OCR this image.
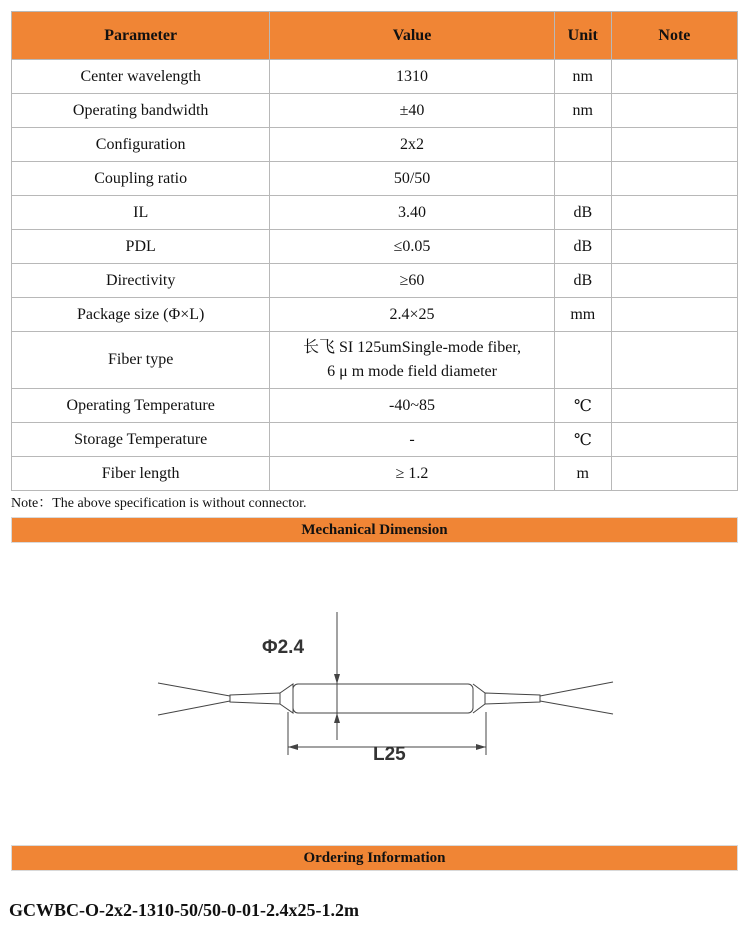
Parameter	Value	Unit	Note
Center wavelength	1310	nm	
Operating bandwidth	±40	nm	
Configuration	2x2		
Coupling ratio	50/50		
IL	3.40	dB	
PDL	≤0.05	dB	
Directivity	≥60	dB	
Package size (Φ×L)	2.4×25	mm	
Fiber type	长飞 SI 125umSingle-mode fiber,
6 μ m mode field diameter		
Operating Temperature	-40~85	℃	
Storage Temperature	-	℃	
Fiber length	≥ 1.2	m	
Note：The above specification is without connector.
Mechanical Dimension
Φ2.4
L25
Ordering Information
GCWBC-O-2x2-1310-50/50-0-01-2.4x25-1.2m
